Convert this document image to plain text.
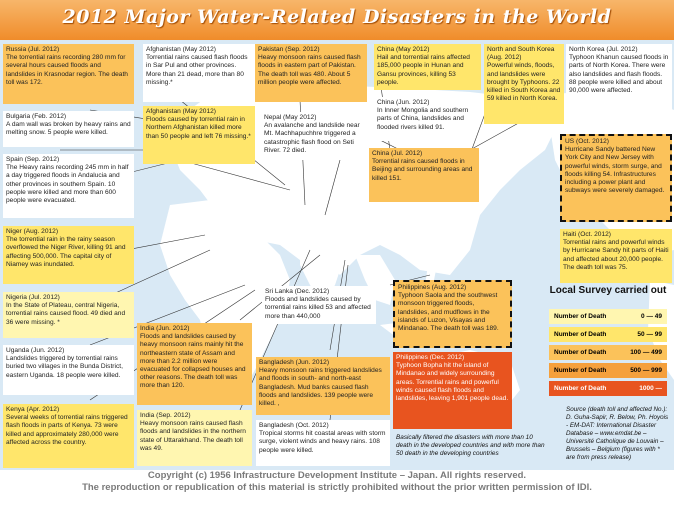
2012 Major Water-Related Disasters in the World
Russia (Jul. 2012)
The torrential rains recording 280 mm for several hours caused floods and landslides in Krasnodar region. The death toll was 172.
Bulgaria (Feb. 2012)
A dam wall was broken by heavy rains and melting snow. 5 people were killed.
Spain (Sep. 2012)
The Heavy rains recording 245 mm in half a day triggered floods in Andalucia and other provinces in southern Spain. 10 people were killed and more than 600 people were evacuated.
Niger (Aug. 2012)
The torrential rain in the rainy season overflowed the Niger River, killing 91 and affecting 500,000. The capital city of Niamey was inundated.
Nigeria (Jul. 2012)
In the State of Plateau, central Nigeria, torrential rains caused flood. 49 died and 36 were missing. *
Uganda (Jun. 2012)
Landslides triggered by torrential rains buried two villages in the Bunda District, eastern Uganda. 18 people were killed.
Kenya (Apr. 2012)
Several weeks of torrential rains triggered flash floods in parts of Kenya. 73 were killed and approximately 280,000 were affected across the country.
Afghanistan (May 2012)
Torrential rains caused flash floods in Sar Pul and other provinces. More than 21 dead, more than 80 missing.*
Afghanistan (May 2012)
Floods caused by torrential rain in Northern Afghanistan killed more than 50 people and left 76 missing.*
Pakistan (Sep. 2012)
Heavy monsoon rains caused flash floods in eastern part of Pakistan. The death toll was 480. About 5 million people were affected.
Nepal (May 2012)
An avalanche and landslide near Mt. Machhapuchhre triggered a catastrophic flash flood on Seti River. 72 died.
China (May 2012)
Hail and torrential rains affected 185,000 people in Hunan and Gansu provinces, killing 53 people.
China (Jun. 2012)
In Inner Mongolia and southern parts of China, landslides and flooded rivers killed 91.
China (Jul. 2012)
Torrential rains caused floods in Beijing and surrounding areas and killed 151.
North and South Korea (Aug. 2012)
Powerful winds, floods, and landslides were brought by Typhoons. 22 killed in South Korea and 59 killed in North Korea.
North Korea (Jul. 2012)
Typhoon Khanun caused floods in parts of North Korea. There were also landslides and flash floods. 88 people were killed and about 90,000 were affected.
US (Oct. 2012)
Hurricane Sandy battered New York City and New Jersey with powerful winds, storm surge, and floods killing 54. Infrastructures including a power plant and subways were severely damaged.
Haiti (Oct. 2012)
Torrential rains and powerful winds by Hurricane Sandy hit parts of Haiti and affected about 20,000 people. The death toll was 75.
Sri Lanka (Dec. 2012)
Floods and landslides caused by torrential rains killed 53 and affected more than 440,000
Philippines (Aug. 2012)
Typhoon Saola and the southwest monsoon triggered floods, landslides, and mudflows in the islands of Luzon, Visayas and Mindanao. The death toll was 189.
Philippines (Dec. 2012)
Typhoon Bopha hit the island of Mindanao and widely surrounding areas. Torrential rains and powerful winds caused flash floods and landslides, leaving 1,901 people dead.
India (Jun. 2012)
Floods and landslides caused by heavy monsoon rains mainly hit the northeastern state of Assam and more than 2.2 million were evacuated for collapsed houses and other reasons. The death toll was more than 120.
India (Sep. 2012)
Heavy monsoon rains caused flash floods and landslides in the northern state of Uttarakhand. The death toll was 49.
Bangladesh (Jun. 2012)
Heavy monsoon rains triggered landslides and floods in south- and north-east Bangladesh. Mud banks caused flash floods and landslides. 139 people were killed. ,
Bangladesh (Oct. 2012)
Tropical storms hit coastal areas with storm surge, violent winds and heavy rains. 108 people were killed.
Local Survey carried out
Number of Death	0 — 49
Number of Death	50 — 99
Number of Death	100 — 499
Number of Death	500 — 999
Number of Death	1000 —
Basically filtered the disasters with more than 10 death in the developed countries and with more than 50 death in the developing countries
Source (death toll and affected No.): D. Guha-Sapir, R. Below, Ph. Hoyois - EM-DAT: International Disaster Database – www.emdat.be – Université Catholique de Louvain – Brussels – Belgium (figures with * are from press release)
Copyright (c) 1956 Infrastructure Development Institute – Japan. All rights reserved.
The reproduction or republication of this material is strictly prohibited without the prior written permission of IDI.
